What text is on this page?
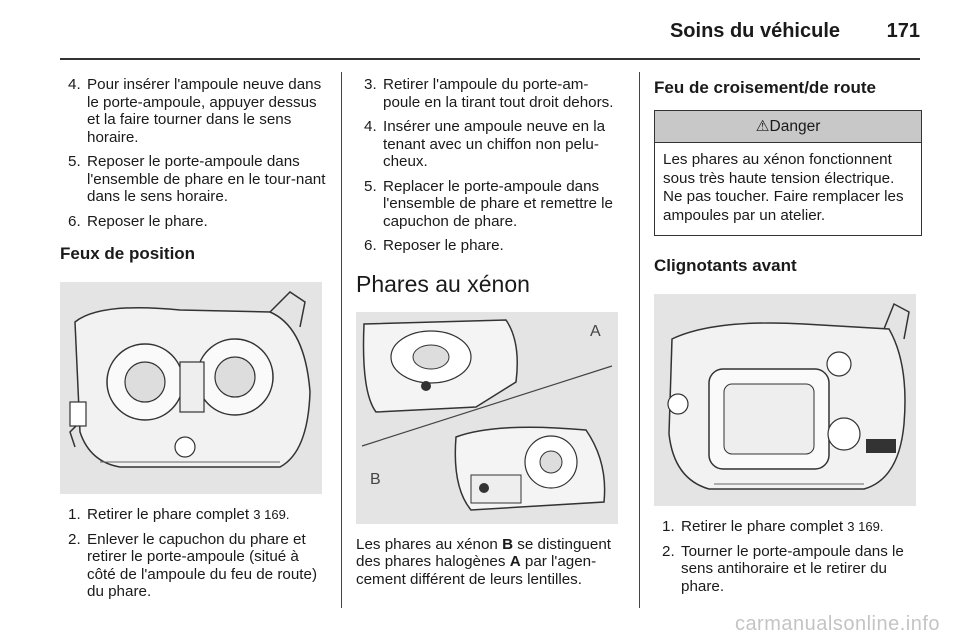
Soins du véhicule 171
4. Pour insérer l'ampoule neuve dans le porte-ampoule, appuyer dessus et la faire tourner dans le sens horaire.
5. Reposer le porte-ampoule dans l'ensemble de phare en le tour-nant dans le sens horaire.
6. Reposer le phare.
Feux de position
1. Retirer le phare complet 3 169.
2. Enlever le capuchon du phare et retirer le porte-ampoule (situé à côté de l'ampoule du feu de route) du phare.
3. Retirer l'ampoule du porte-am-poule en la tirant tout droit dehors.
4. Insérer une ampoule neuve en la tenant avec un chiffon non pelu-cheux.
5. Replacer le porte-ampoule dans l'ensemble de phare et remettre le capuchon de phare.
6. Reposer le phare.
Phares au xénon
A
B
Les phares au xénon B se distinguent des phares halogènes A par l'agen-cement différent de leurs lentilles.
Feu de croisement/de route
⚠Danger
Les phares au xénon fonctionnent sous très haute tension électrique. Ne pas toucher. Faire remplacer les ampoules par un atelier.
Clignotants avant
1. Retirer le phare complet 3 169.
2. Tourner le porte-ampoule dans le sens antihoraire et le retirer du phare.
carmanualsonline.info
